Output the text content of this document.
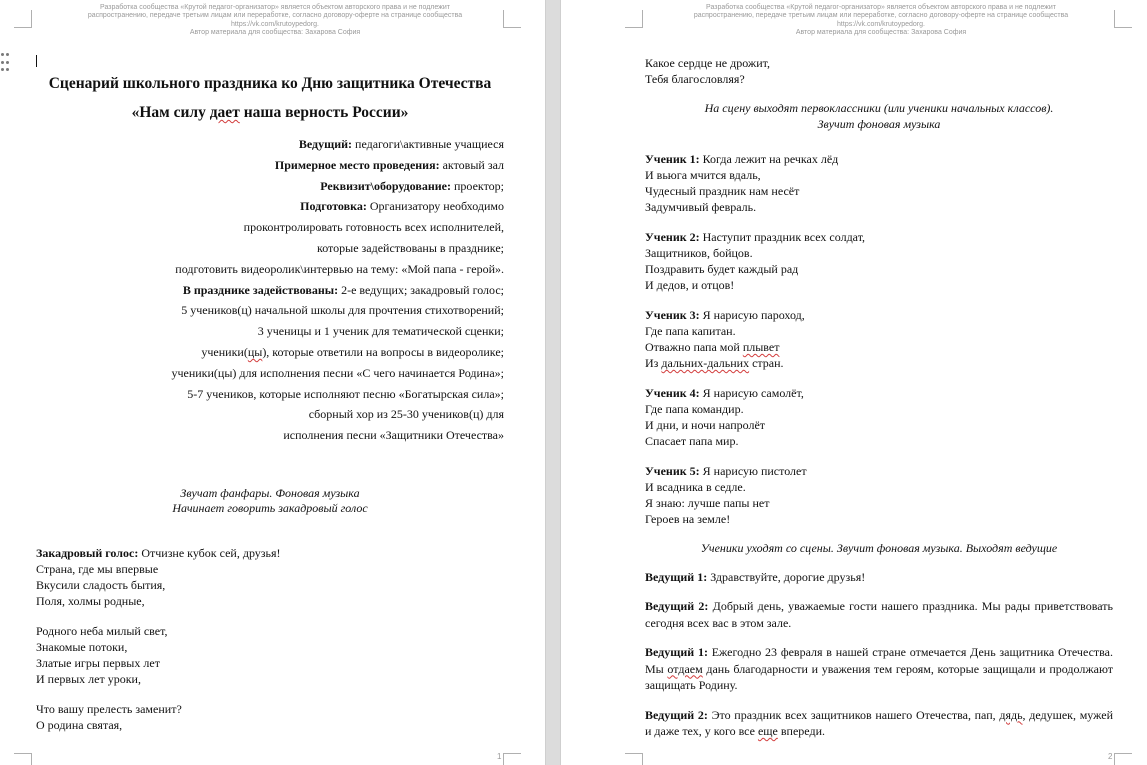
Разработка сообщества «Крутой педагог-организатор» является объектом авторского права и не подлежит
распространению, передаче третьим лицам или переработке, согласно договору-оферте на странице сообщества
https://vk.com/krutoypedorg.
Автор материала для сообщества: Захарова София
Сценарий школьного праздника ко Дню защитника Отечества
«Нам силу дает наша верность России»
Ведущий: педагоги\активные учащиеся
Примерное место проведения: актовый зал
Реквизит\оборудование: проектор;
Подготовка: Организатору необходимо
проконтролировать готовность всех исполнителей,
которые задействованы в празднике;
подготовить видеоролик\интервью на тему: «Мой папа - герой».
В празднике задействованы: 2-е ведущих; закадровый голос;
5 учеников(ц) начальной школы для прочтения стихотворений;
3 ученицы и 1 ученик для тематической сценки;
ученики(цы), которые ответили на вопросы в видеоролике;
ученики(цы) для исполнения песни «С чего начинается Родина»;
5-7 учеников, которые исполняют песню «Богатырская сила»;
сборный хор из 25-30 учеников(ц) для
исполнения песни «Защитники Отечества»
Звучат фанфары. Фоновая музыка
Начинает говорить закадровый голос
Закадровый голос: Отчизне кубок сей, друзья!
Страна, где мы впервые
Вкусили сладость бытия,
Поля, холмы родные,
Родного неба милый свет,
Знакомые потоки,
Златые игры первых лет
И первых лет уроки,
Что вашу прелесть заменит?
О родина святая,
1
Разработка сообщества «Крутой педагог-организатор» является объектом авторского права и не подлежит
распространению, передаче третьим лицам или переработке, согласно договору-оферте на странице сообщества
https://vk.com/krutoypedorg.
Автор материала для сообщества: Захарова София
Какое сердце не дрожит,
Тебя благословляя?
На сцену выходят первоклассники (или ученики начальных классов).
Звучит фоновая музыка
Ученик 1: Когда лежит на речках лёд
И вьюга мчится вдаль,
Чудесный праздник нам несёт
Задумчивый февраль.
Ученик 2: Наступит праздник всех солдат,
Защитников, бойцов.
Поздравить будет каждый рад
И дедов, и отцов!
Ученик 3: Я нарисую пароход,
Где папа капитан.
Отважно папа мой плывет
Из дальних-дальних стран.
Ученик 4: Я нарисую самолёт,
Где папа командир.
И дни, и ночи напролёт
Спасает папа мир.
Ученик 5: Я нарисую пистолет
И всадника в седле.
Я знаю: лучше папы нет
Героев на земле!
Ученики уходят со сцены. Звучит фоновая музыка. Выходят ведущие
Ведущий 1: Здравствуйте, дорогие друзья!
Ведущий 2: Добрый день, уважаемые гости нашего праздника. Мы рады приветствовать сегодня всех вас в этом зале.
Ведущий 1: Ежегодно 23 февраля в нашей стране отмечается День защитника Отечества. Мы отдаем дань благодарности и уважения тем героям, которые защищали и продолжают защищать Родину.
Ведущий 2: Это праздник всех защитников нашего Отечества, пап, дядь, дедушек, мужей и даже тех, у кого все еще впереди.
2
